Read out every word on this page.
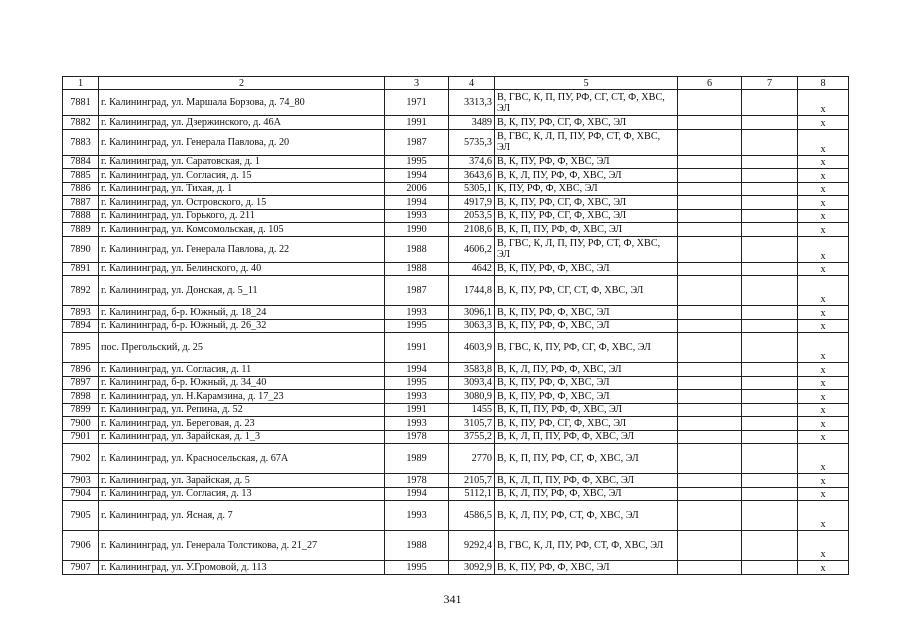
1	2	3	4	5	6	7	8
7881	г. Калининград, ул. Маршала Борзова, д. 74_80	1971	3313,3	В, ГВС, К, П, ПУ, РФ, СГ, СТ, Ф, ХВС, ЭЛ			x
7882	г. Калининград, ул. Дзержинского, д. 46А	1991	3489	В, К, ПУ, РФ, СГ, Ф, ХВС, ЭЛ			x
7883	г. Калининград, ул. Генерала Павлова, д. 20	1987	5735,3	В, ГВС, К, Л, П, ПУ, РФ, СТ, Ф, ХВС, ЭЛ			x
7884	г. Калининград, ул. Саратовская, д. 1	1995	374,6	В, К, ПУ, РФ, Ф, ХВС, ЭЛ			x
7885	г. Калининград, ул. Согласия, д. 15	1994	3643,6	В, К, Л, ПУ, РФ, Ф, ХВС, ЭЛ			x
7886	г. Калининград, ул. Тихая, д. 1	2006	5305,1	К, ПУ, РФ, Ф, ХВС, ЭЛ			x
7887	г. Калининград, ул. Островского, д. 15	1994	4917,9	В, К, ПУ, РФ, СГ, Ф, ХВС, ЭЛ			x
7888	г. Калининград, ул. Горького, д. 211	1993	2053,5	В, К, ПУ, РФ, СГ, Ф, ХВС, ЭЛ			x
7889	г. Калининград, ул. Комсомольская, д. 105	1990	2108,6	В, К, П, ПУ, РФ, Ф, ХВС, ЭЛ			x
7890	г. Калининград, ул. Генерала Павлова, д. 22	1988	4606,2	В, ГВС, К, Л, П, ПУ, РФ, СТ, Ф, ХВС, ЭЛ			x
7891	г. Калининград, ул. Белинского, д. 40	1988	4642	В, К, ПУ, РФ, Ф, ХВС, ЭЛ			x
7892	г. Калининград, ул. Донская, д. 5_11	1987	1744,8	В, К, ПУ, РФ, СГ, СТ, Ф, ХВС, ЭЛ			x
7893	г. Калининград, б-р. Южный, д. 18_24	1993	3096,1	В, К, ПУ, РФ, Ф, ХВС, ЭЛ			x
7894	г. Калининград, б-р. Южный, д. 26_32	1995	3063,3	В, К, ПУ, РФ, Ф, ХВС, ЭЛ			x
7895	пос. Прегольский, д. 25	1991	4603,9	В, ГВС, К, ПУ, РФ, СГ, Ф, ХВС, ЭЛ			x
7896	г. Калининград, ул. Согласия, д. 11	1994	3583,8	В, К, Л, ПУ, РФ, Ф, ХВС, ЭЛ			x
7897	г. Калининград, б-р. Южный, д. 34_40	1995	3093,4	В, К, ПУ, РФ, Ф, ХВС, ЭЛ			x
7898	г. Калининград, ул. Н.Карамзина, д. 17_23	1993	3080,9	В, К, ПУ, РФ, Ф, ХВС, ЭЛ			x
7899	г. Калининград, ул. Репина, д. 52	1991	1455	В, К, П, ПУ, РФ, Ф, ХВС, ЭЛ			x
7900	г. Калининград, ул. Береговая, д. 23	1993	3105,7	В, К, ПУ, РФ, СГ, Ф, ХВС, ЭЛ			x
7901	г. Калининград, ул. Зарайская, д. 1_3	1978	3755,2	В, К, Л, П, ПУ, РФ, Ф, ХВС, ЭЛ			x
7902	г. Калининград, ул. Красносельская, д. 67А	1989	2770	В, К, П, ПУ, РФ, СГ, Ф, ХВС, ЭЛ			x
7903	г. Калининград, ул. Зарайская, д. 5	1978	2105,7	В, К, Л, П, ПУ, РФ, Ф, ХВС, ЭЛ			x
7904	г. Калининград, ул. Согласия, д. 13	1994	5112,1	В, К, Л, ПУ, РФ, Ф, ХВС, ЭЛ			x
7905	г. Калининград, ул. Ясная, д. 7	1993	4586,5	В, К, Л, ПУ, РФ, СТ, Ф, ХВС, ЭЛ			x
7906	г. Калининград, ул. Генерала Толстикова, д. 21_27	1988	9292,4	В, ГВС, К, Л, ПУ, РФ, СТ, Ф, ХВС, ЭЛ			x
7907	г. Калининград, ул. У.Громовой, д. 113	1995	3092,9	В, К, ПУ, РФ, Ф, ХВС, ЭЛ			x
341
